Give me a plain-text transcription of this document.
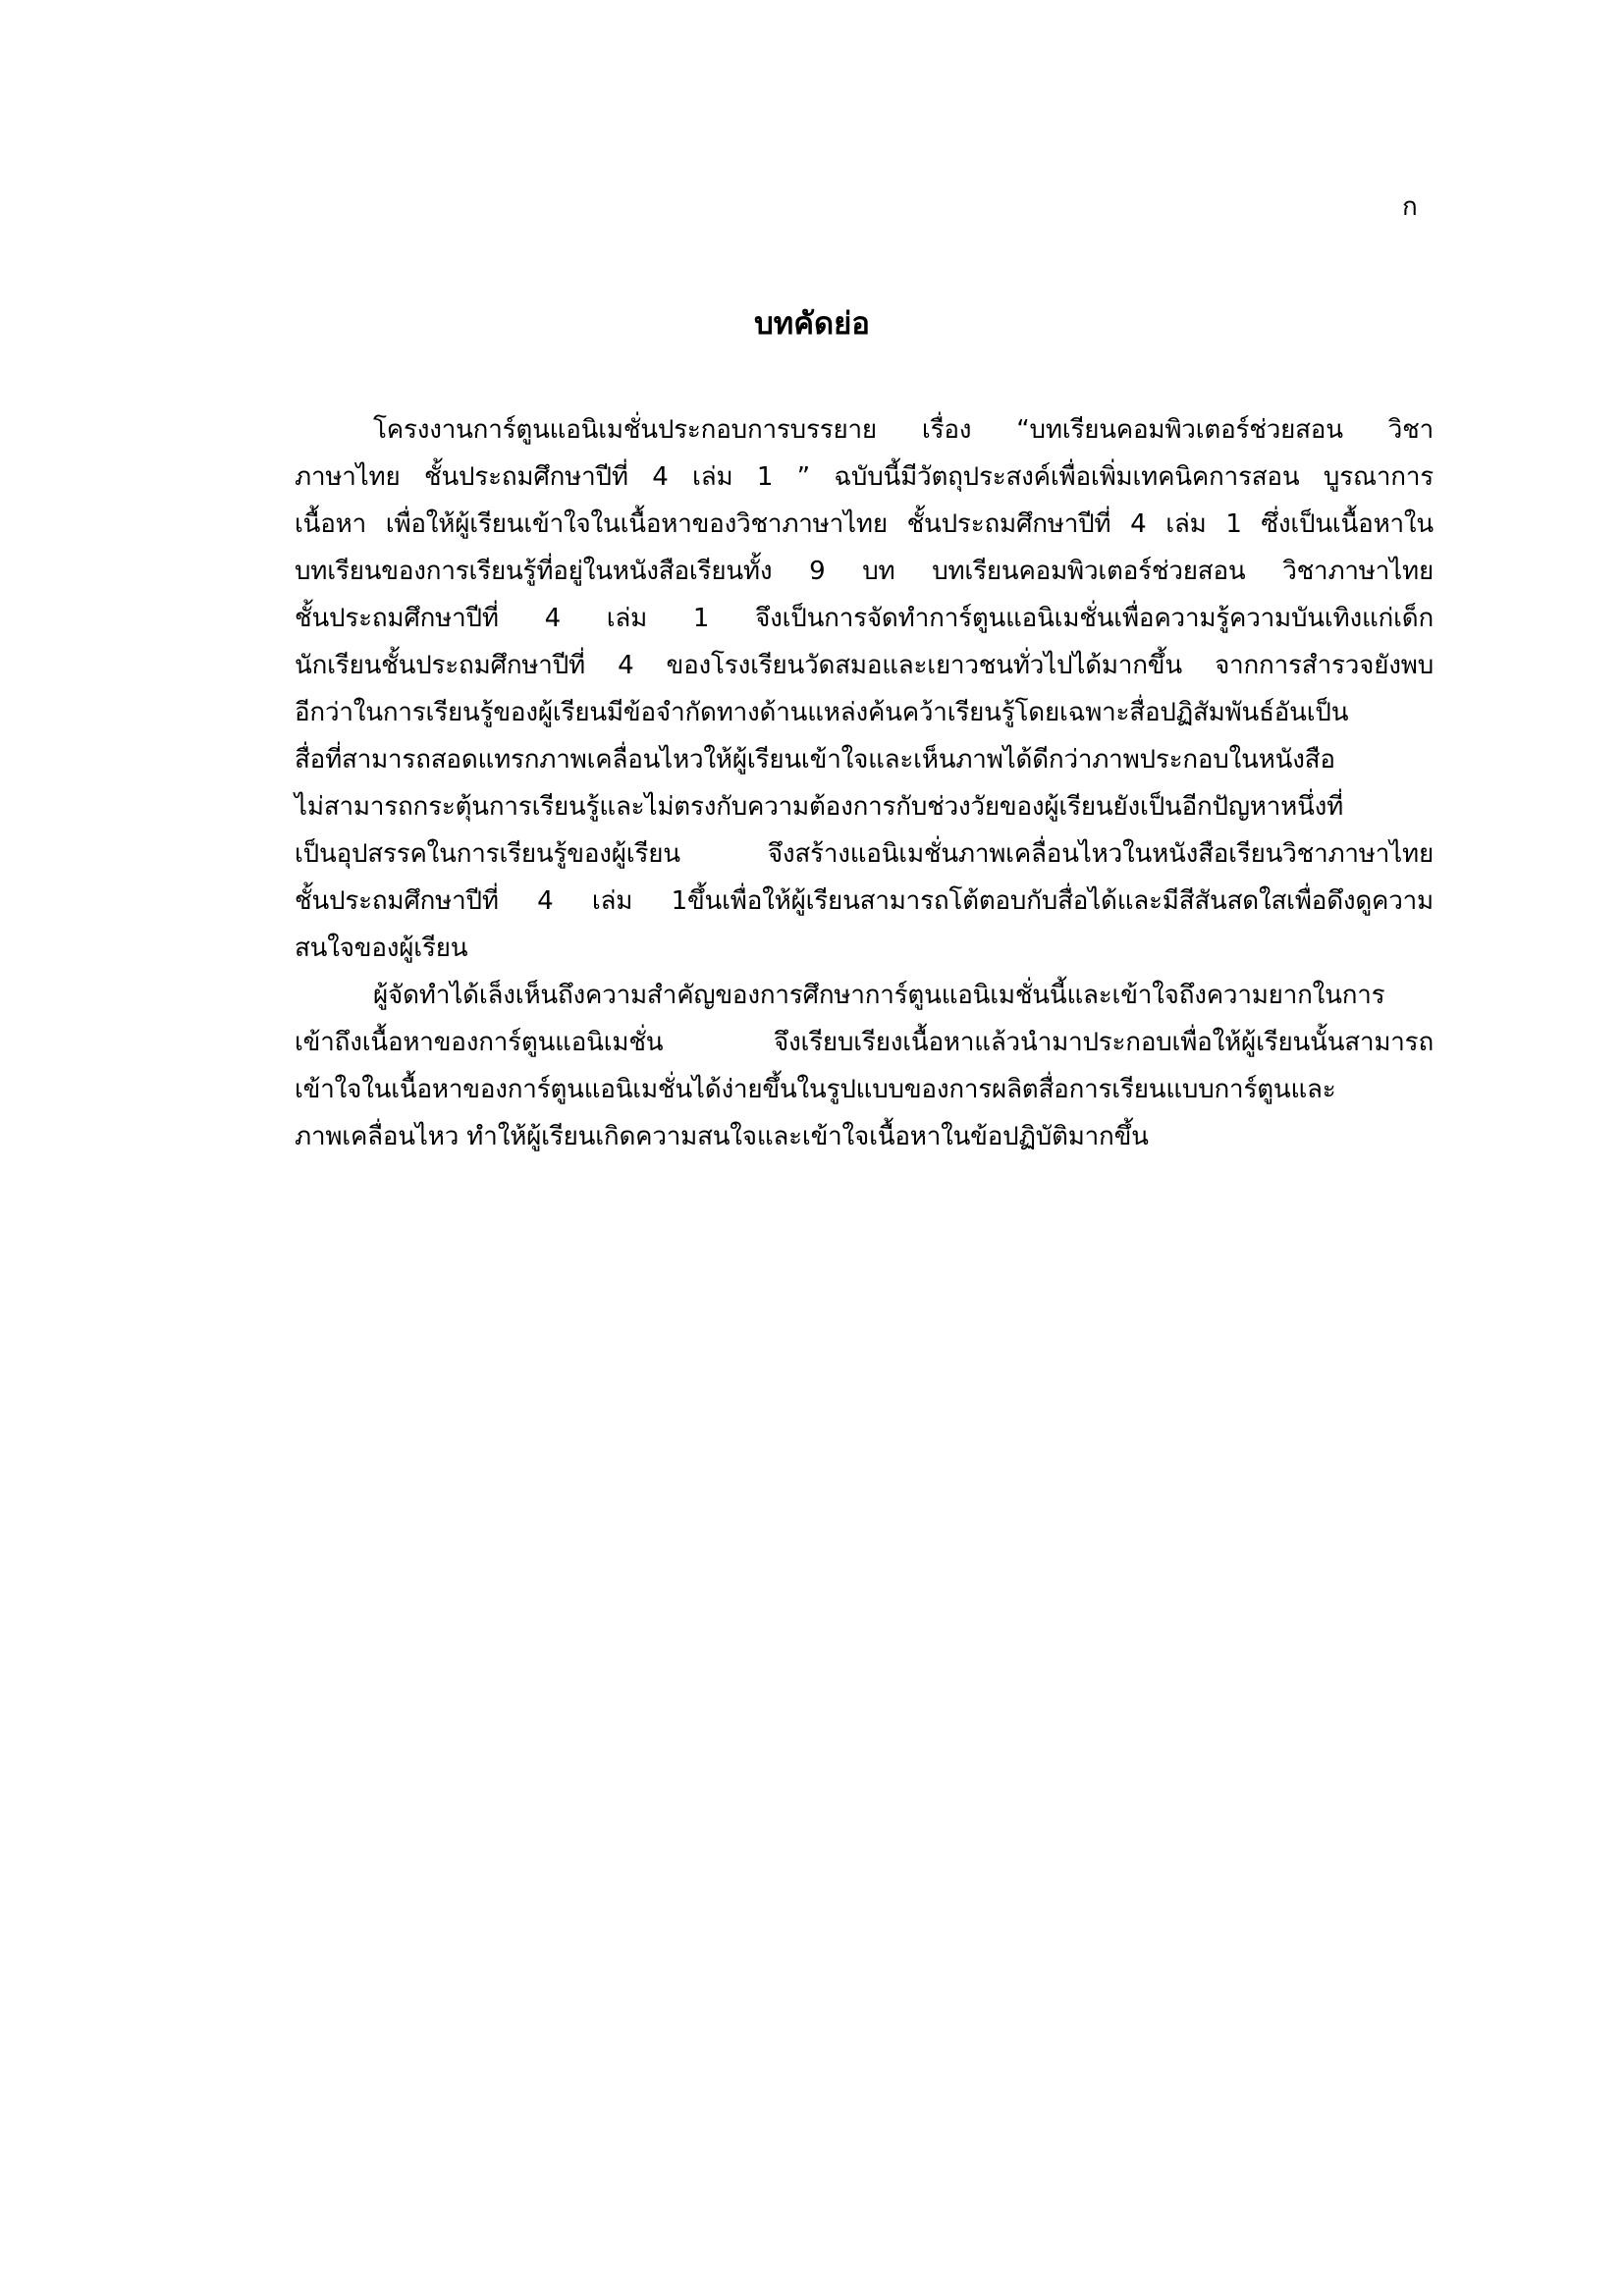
ก
บทคัดย่อ
โครงงานการ์ตูนแอนิเมชั่นประกอบการบรรยาย เรื่อง “บทเรียนคอมพิวเตอร์ช่วยสอน วิชา
ภาษาไทย ชั้นประถมศึกษาปีที่ 4 เล่ม 1 ” ฉบับนี้มีวัตถุประสงค์เพื่อเพิ่มเทคนิคการสอน บูรณาการ
เนื้อหา เพื่อให้ผู้เรียนเข้าใจในเนื้อหาของวิชาภาษาไทย ชั้นประถมศึกษาปีที่ 4 เล่ม 1 ซึ่งเป็นเนื้อหาใน
บทเรียนของการเรียนรู้ที่อยู่ในหนังสือเรียนทั้ง 9 บท บทเรียนคอมพิวเตอร์ช่วยสอน วิชาภาษาไทย
ชั้นประถมศึกษาปีที่ 4 เล่ม 1 จึงเป็นการจัดทำการ์ตูนแอนิเมชั่นเพื่อความรู้ความบันเทิงแก่เด็ก
นักเรียนชั้นประถมศึกษาปีที่ 4 ของโรงเรียนวัดสมอและเยาวชนทั่วไปได้มากขึ้น จากการสำรวจยังพบ
อีกว่าในการเรียนรู้ของผู้เรียนมีข้อจำกัดทางด้านแหล่งค้นคว้าเรียนรู้โดยเฉพาะสื่อปฏิสัมพันธ์อันเป็น
สื่อที่สามารถสอดแทรกภาพเคลื่อนไหวให้ผู้เรียนเข้าใจและเห็นภาพได้ดีกว่าภาพประกอบในหนังสือ
ไม่สามารถกระตุ้นการเรียนรู้และไม่ตรงกับความต้องการกับช่วงวัยของผู้เรียนยังเป็นอีกปัญหาหนึ่งที่
เป็นอุปสรรคในการเรียนรู้ของผู้เรียน จึงสร้างแอนิเมชั่นภาพเคลื่อนไหวในหนังสือเรียนวิชาภาษาไทย
ชั้นประถมศึกษาปีที่ 4 เล่ม 1ขึ้นเพื่อให้ผู้เรียนสามารถโต้ตอบกับสื่อได้และมีสีสันสดใสเพื่อดึงดูความ
สนใจของผู้เรียน
ผู้จัดทำได้เล็งเห็นถึงความสำคัญของการศึกษาการ์ตูนแอนิเมชั่นนี้และเข้าใจถึงความยากในการ
เข้าถึงเนื้อหาของการ์ตูนแอนิเมชั่น จึงเรียบเรียงเนื้อหาแล้วนำมาประกอบเพื่อให้ผู้เรียนนั้นสามารถ
เข้าใจในเนื้อหาของการ์ตูนแอนิเมชั่นได้ง่ายขึ้นในรูปแบบของการผลิตสื่อการเรียนแบบการ์ตูนและ
ภาพเคลื่อนไหว ทำให้ผู้เรียนเกิดความสนใจและเข้าใจเนื้อหาในข้อปฏิบัติมากขึ้น
